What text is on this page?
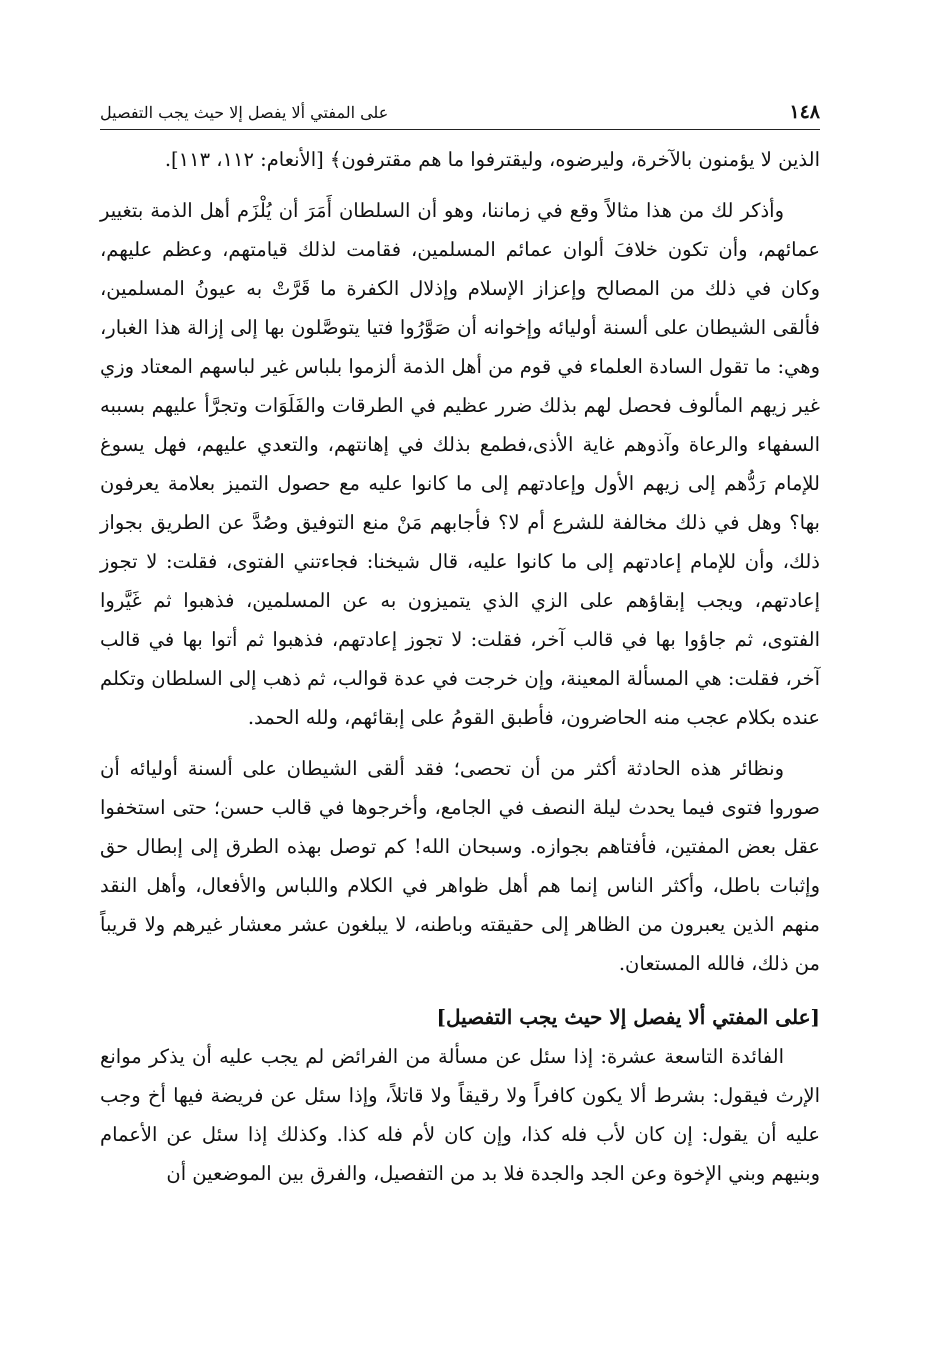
١٤٨
على المفتي ألا يفصل إلا حيث يجب التفصيل

الذين لا يؤمنون بالآخرة، وليرضوه، وليقترفوا ما هم مقترفون﴾ [الأنعام: ١١٢، ١١٣].

وأذكر لك من هذا مثالاً وقع في زماننا، وهو أن السلطان أَمَرَ أن يُلْزَم أهل الذمة بتغيير عمائهم، وأن تكون خلافَ ألوان عمائم المسلمين، فقامت لذلك قيامتهم، وعظم عليهم، وكان في ذلك من المصالح وإعزاز الإسلام وإذلال الكفرة ما قَرَّتْ به عيونُ المسلمين، فألقى الشيطان على ألسنة أوليائه وإخوانه أن صَوَّرُوا فتيا يتوصَّلون بها إلى إزالة هذا الغبار، وهي: ما تقول السادة العلماء في قوم من أهل الذمة ألزموا بلباس غير لباسهم المعتاد وزي غير زيهم المألوف فحصل لهم بذلك ضرر عظيم في الطرقات والفَلَوَات وتجرَّأ عليهم بسببه السفهاء والرعاة وآذوهم غاية الأذى،فطمع بذلك في إهانتهم، والتعدي عليهم، فهل يسوغ للإمام رَدُّهم إلى زيهم الأول وإعادتهم إلى ما كانوا عليه مع حصول التميز بعلامة يعرفون بها؟ وهل في ذلك مخالفة للشرع أم لا؟ فأجابهم مَنْ منع التوفيق وصُدَّ عن الطريق بجواز ذلك، وأن للإمام إعادتهم إلى ما كانوا عليه، قال شيخنا: فجاءتني الفتوى، فقلت: لا تجوز إعادتهم، ويجب إبقاؤهم على الزي الذي يتميزون به عن المسلمين، فذهبوا ثم غَيَّروا الفتوى، ثم جاؤوا بها في قالب آخر، فقلت: لا تجوز إعادتهم، فذهبوا ثم أتوا بها في قالب آخر، فقلت: هي المسألة المعينة، وإن خرجت في عدة قوالب، ثم ذهب إلى السلطان وتكلم عنده بكلام عجب منه الحاضرون، فأطبق القومُ على إبقائهم، ولله الحمد.

ونظائر هذه الحادثة أكثر من أن تحصى؛ فقد ألقى الشيطان على ألسنة أوليائه أن صوروا فتوى فيما يحدث ليلة النصف في الجامع، وأخرجوها في قالب حسن؛ حتى استخفوا عقل بعض المفتين، فأفتاهم بجوازه. وسبحان الله! كم توصل بهذه الطرق إلى إبطال حق وإثبات باطل، وأكثر الناس إنما هم أهل ظواهر في الكلام واللباس والأفعال، وأهل النقد منهم الذين يعبرون من الظاهر إلى حقيقته وباطنه، لا يبلغون عشر معشار غيرهم ولا قريباً من ذلك، فالله المستعان.

[على المفتي ألا يفصل إلا حيث يجب التفصيل]

الفائدة التاسعة عشرة: إذا سئل عن مسألة من الفرائض لم يجب عليه أن يذكر موانع الإرث فيقول: بشرط ألا يكون كافراً ولا رقيقاً ولا قاتلاً، وإذا سئل عن فريضة فيها أخ وجب عليه أن يقول: إن كان لأب فله كذا، وإن كان لأم فله كذا. وكذلك إذا سئل عن الأعمام وبنيهم وبني الإخوة وعن الجد والجدة فلا بد من التفصيل، والفرق بين الموضعين أن
